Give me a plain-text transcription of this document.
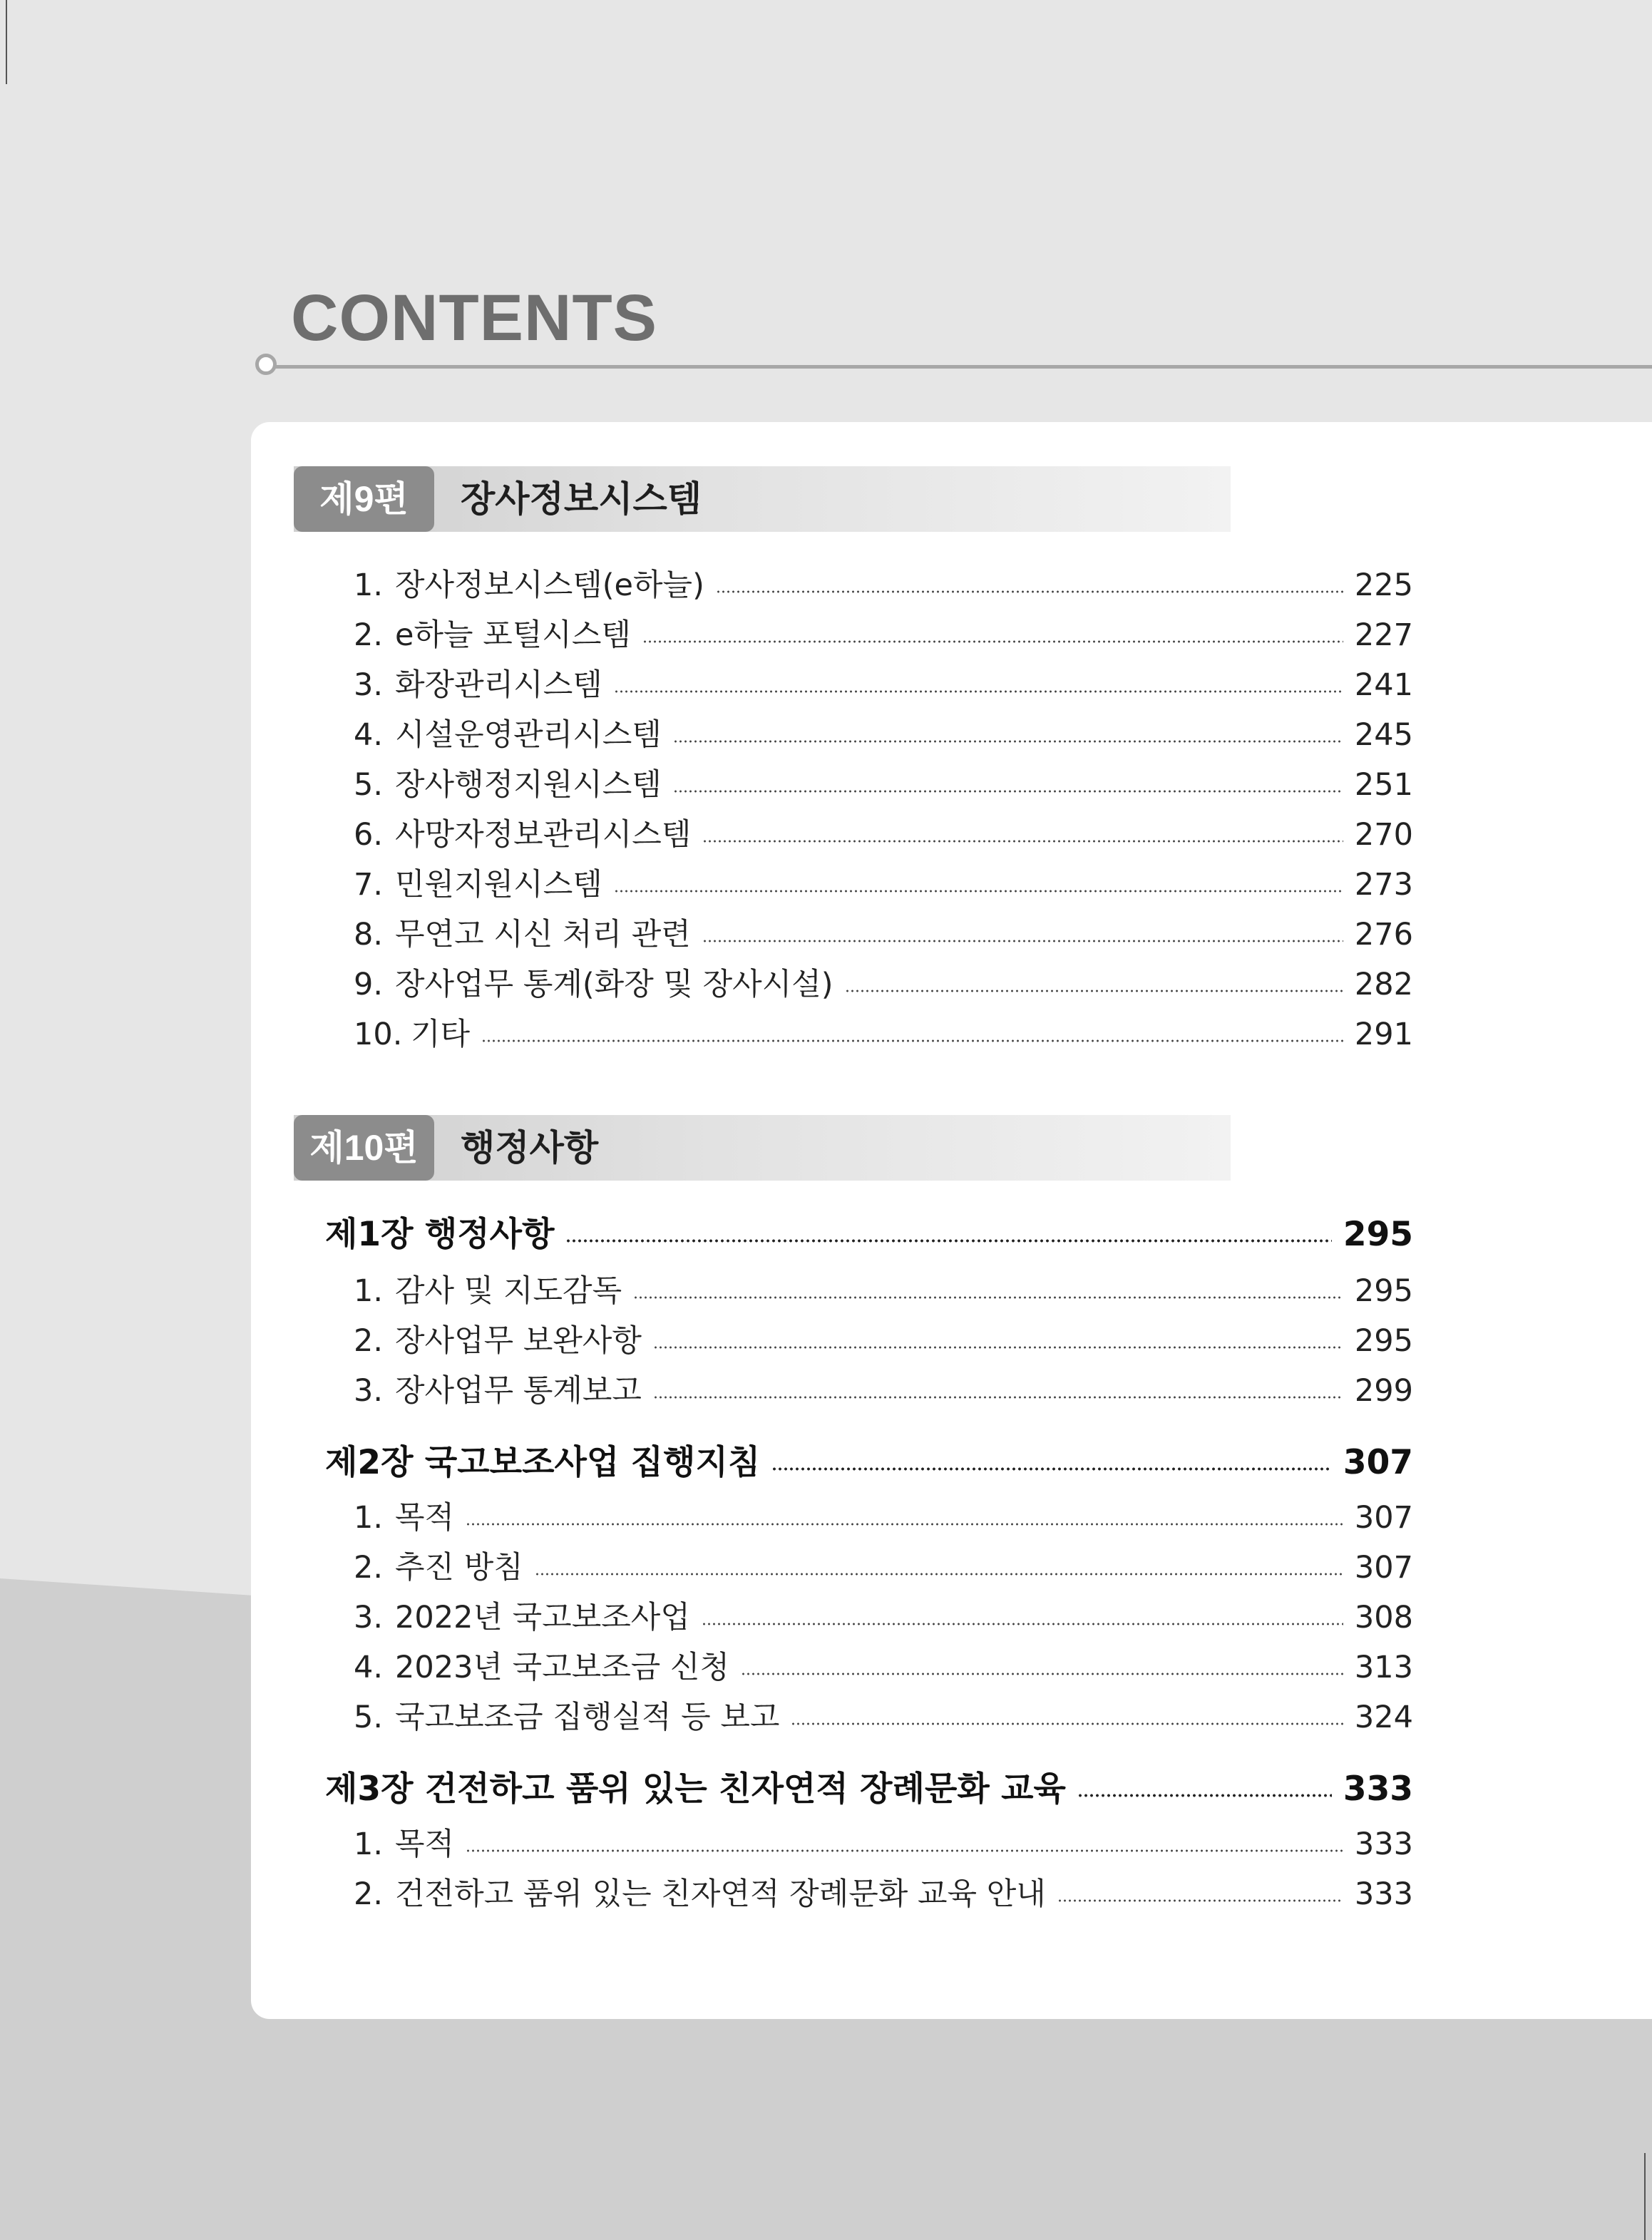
CONTENTS
제9편	장사정보시스템
1. 장사정보시스템(e하늘)	225
2. e하늘 포털시스템	227
3. 화장관리시스템	241
4. 시설운영관리시스템	245
5. 장사행정지원시스템	251
6. 사망자정보관리시스템	270
7. 민원지원시스템	273
8. 무연고 시신 처리 관련	276
9. 장사업무 통계(화장 및 장사시설)	282
10. 기타	291
제10편	행정사항
제1장 행정사항	295
1. 감사 및 지도감독	295
2. 장사업무 보완사항	295
3. 장사업무 통계보고	299
제2장 국고보조사업 집행지침	307
1. 목적	307
2. 추진 방침	307
3. 2022년 국고보조사업	308
4. 2023년 국고보조금 신청	313
5. 국고보조금 집행실적 등 보고	324
제3장 건전하고 품위 있는 친자연적 장례문화 교육	333
1. 목적	333
2. 건전하고 품위 있는 친자연적 장례문화 교육 안내	333
